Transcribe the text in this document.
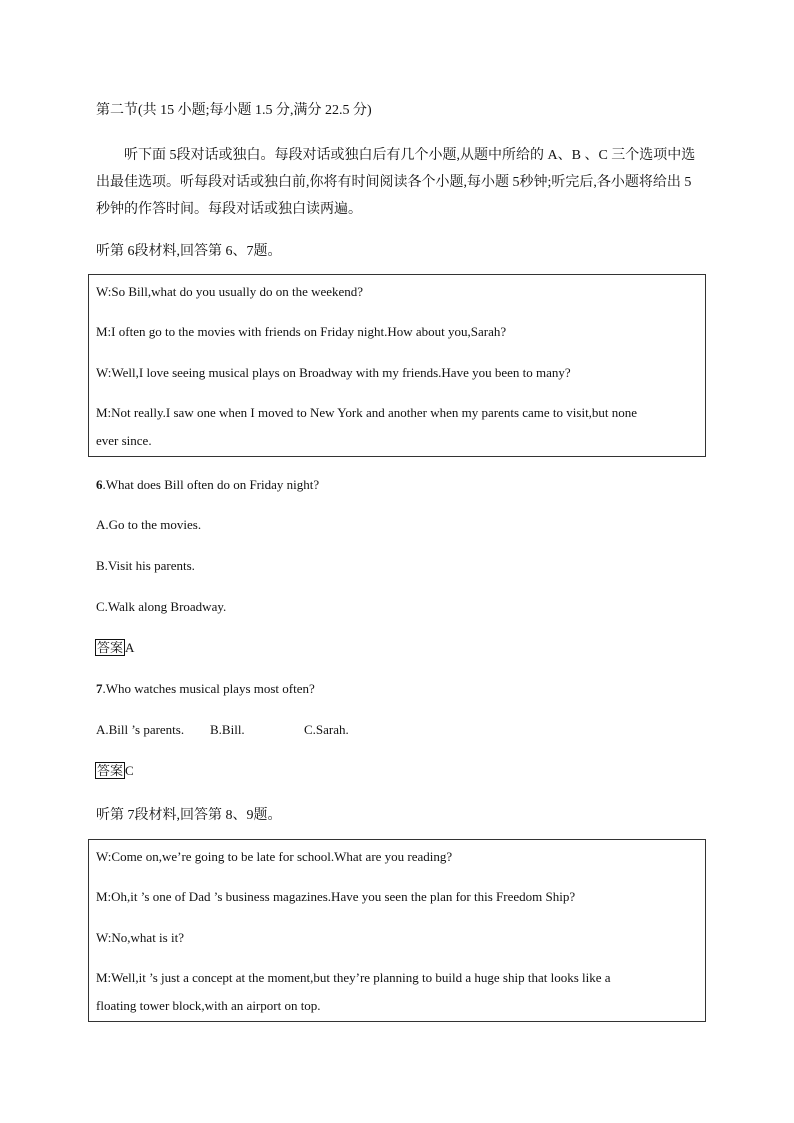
第二节(共 15 小题;每小题 1.5 分,满分 22.5 分)
听下面 5段对话或独白。每段对话或独白后有几个小题,从题中所给的 A、B 、C 三个选项中选
出最佳选项。听每段对话或独白前,你将有时间阅读各个小题,每小题 5秒钟;听完后,各小题将给出 5
秒钟的作答时间。每段对话或独白读两遍。
听第 6段材料,回答第 6、7题。
W:So Bill,what do you usually do on the weekend?
M:I often go to the movies with friends on Friday night.How about you,Sarah?
W:Well,I love seeing musical plays on Broadway with my friends.Have you been to many?
M:Not really.I saw one when I moved to New York and another when my parents came to visit,but none
ever since.
6.What does Bill often do on Friday night?
A.Go to the movies.
B.Visit his parents.
C.Walk along Broadway.
答案 A
7.Who watches musical plays most often?
A.Bill ’s parents. B.Bill.	C.Sarah.
答案 C
听第 7段材料,回答第 8、9题。
W:Come on,we’re going to be late for school.What are you reading?
M:Oh,it ’s one of Dad ’s business magazines.Have you seen the plan for this Freedom Ship?
W:No,what is it?
M:Well,it ’s just a concept at the moment,but they’re planning to build a huge ship that looks like a
floating tower block,with an airport on top.
